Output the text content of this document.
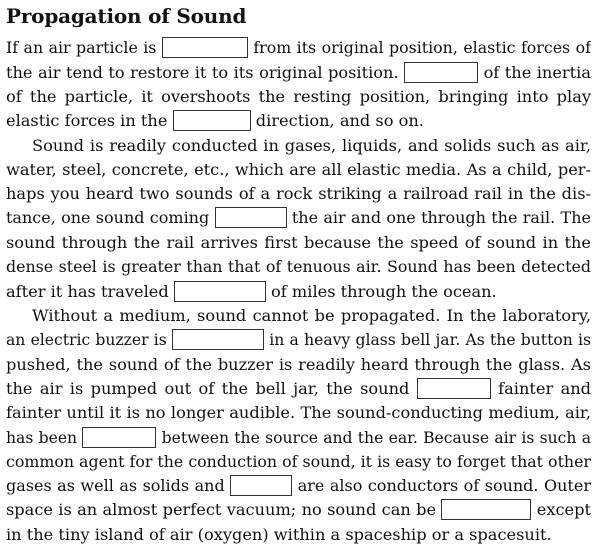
Propagation of Sound
If an air particle is	from its original position, elastic forces of
the air tend to restore it to its original position.	of the inertia
of the particle, it overshoots the resting position, bringing into play
elastic forces in the	direction, and so on.
Sound is readily conducted in gases, liquids, and solids such as air,
water, steel, concrete, etc., which are all elastic media. As a child, per-
haps you heard two sounds of a rock striking a railroad rail in the dis-
tance, one sound coming	the air and one through the rail. The
sound through the rail arrives first because the speed of sound in the
dense steel is greater than that of tenuous air. Sound has been detected
after it has traveled	of miles through the ocean.
Without a medium, sound cannot be propagated. In the laboratory,
an electric buzzer is	in a heavy glass bell jar. As the button is
pushed, the sound of the buzzer is readily heard through the glass. As
the air is pumped out of the bell jar, the sound	fainter and
fainter until it is no longer audible. The sound-conducting medium, air,
has been	between the source and the ear. Because air is such a
common agent for the conduction of sound, it is easy to forget that other
gases as well as solids and	are also conductors of sound. Outer
space is an almost perfect vacuum; no sound can be	except
in the tiny island of air (oxygen) within a spaceship or a spacesuit.
